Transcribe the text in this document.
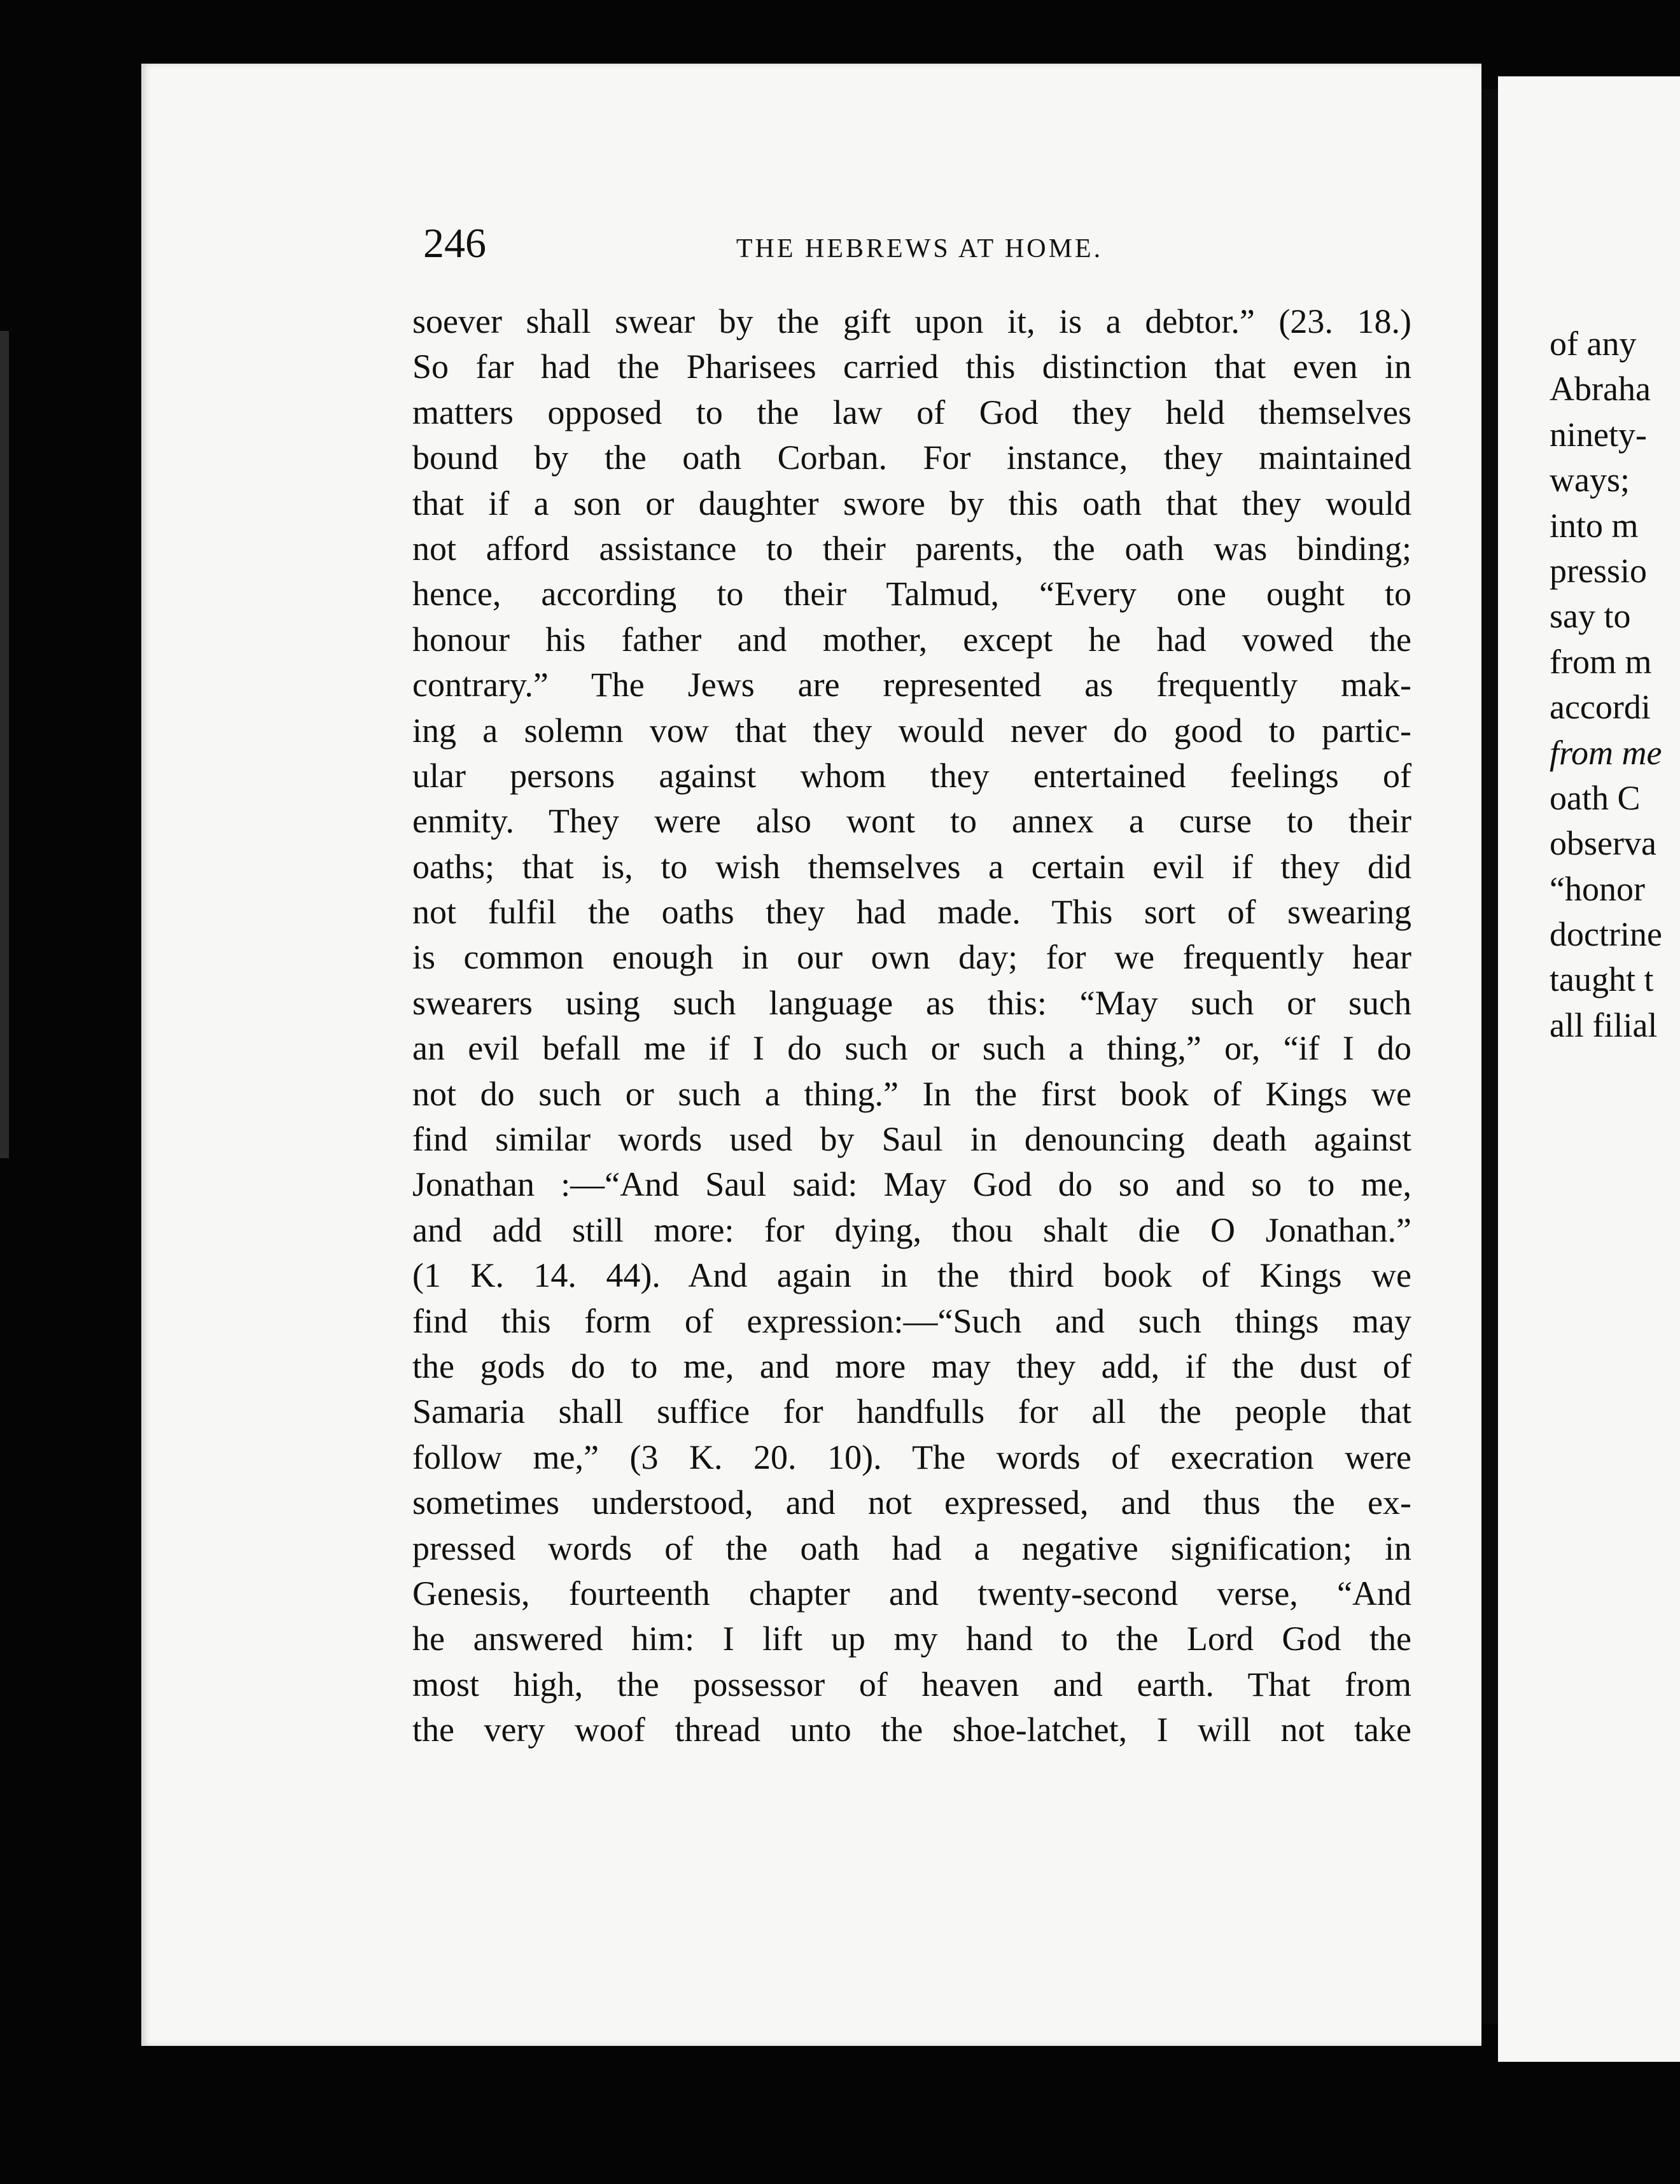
246	THE HEBREWS AT HOME.
soever shall swear by the gift upon it, is a debtor.” (23. 18.)
So far had the Pharisees carried this distinction that even in
matters opposed to the law of God they held themselves
bound by the oath Corban. For instance, they maintained
that if a son or daughter swore by this oath that they would
not afford assistance to their parents, the oath was binding;
hence, according to their Talmud, “Every one ought to
honour his father and mother, except he had vowed the
contrary.” The Jews are represented as frequently mak-
ing a solemn vow that they would never do good to partic-
ular persons against whom they entertained feelings of
enmity. They were also wont to annex a curse to their
oaths; that is, to wish themselves a certain evil if they did
not fulfil the oaths they had made. This sort of swearing
is common enough in our own day; for we frequently hear
swearers using such language as this: “May such or such
an evil befall me if I do such or such a thing,” or, “if I do
not do such or such a thing.” In the first book of Kings we
find similar words used by Saul in denouncing death against
Jonathan :—“And Saul said: May God do so and so to me,
and add still more: for dying, thou shalt die O Jonathan.”
(1 K. 14. 44). And again in the third book of Kings we
find this form of expression:—“Such and such things may
the gods do to me, and more may they add, if the dust of
Samaria shall suffice for handfulls for all the people that
follow me,” (3 K. 20. 10). The words of execration were
sometimes understood, and not expressed, and thus the ex-
pressed words of the oath had a negative signification; in
Genesis, fourteenth chapter and twenty-second verse, “And
he answered him: I lift up my hand to the Lord God the
most high, the possessor of heaven and earth. That from
the very woof thread unto the shoe-latchet, I will not take
of any
Abraha
ninety-
ways;
into m
pressio
say to
from m
accordi
from me
oath C
observa
“honor
doctrine
taught t
all filial
